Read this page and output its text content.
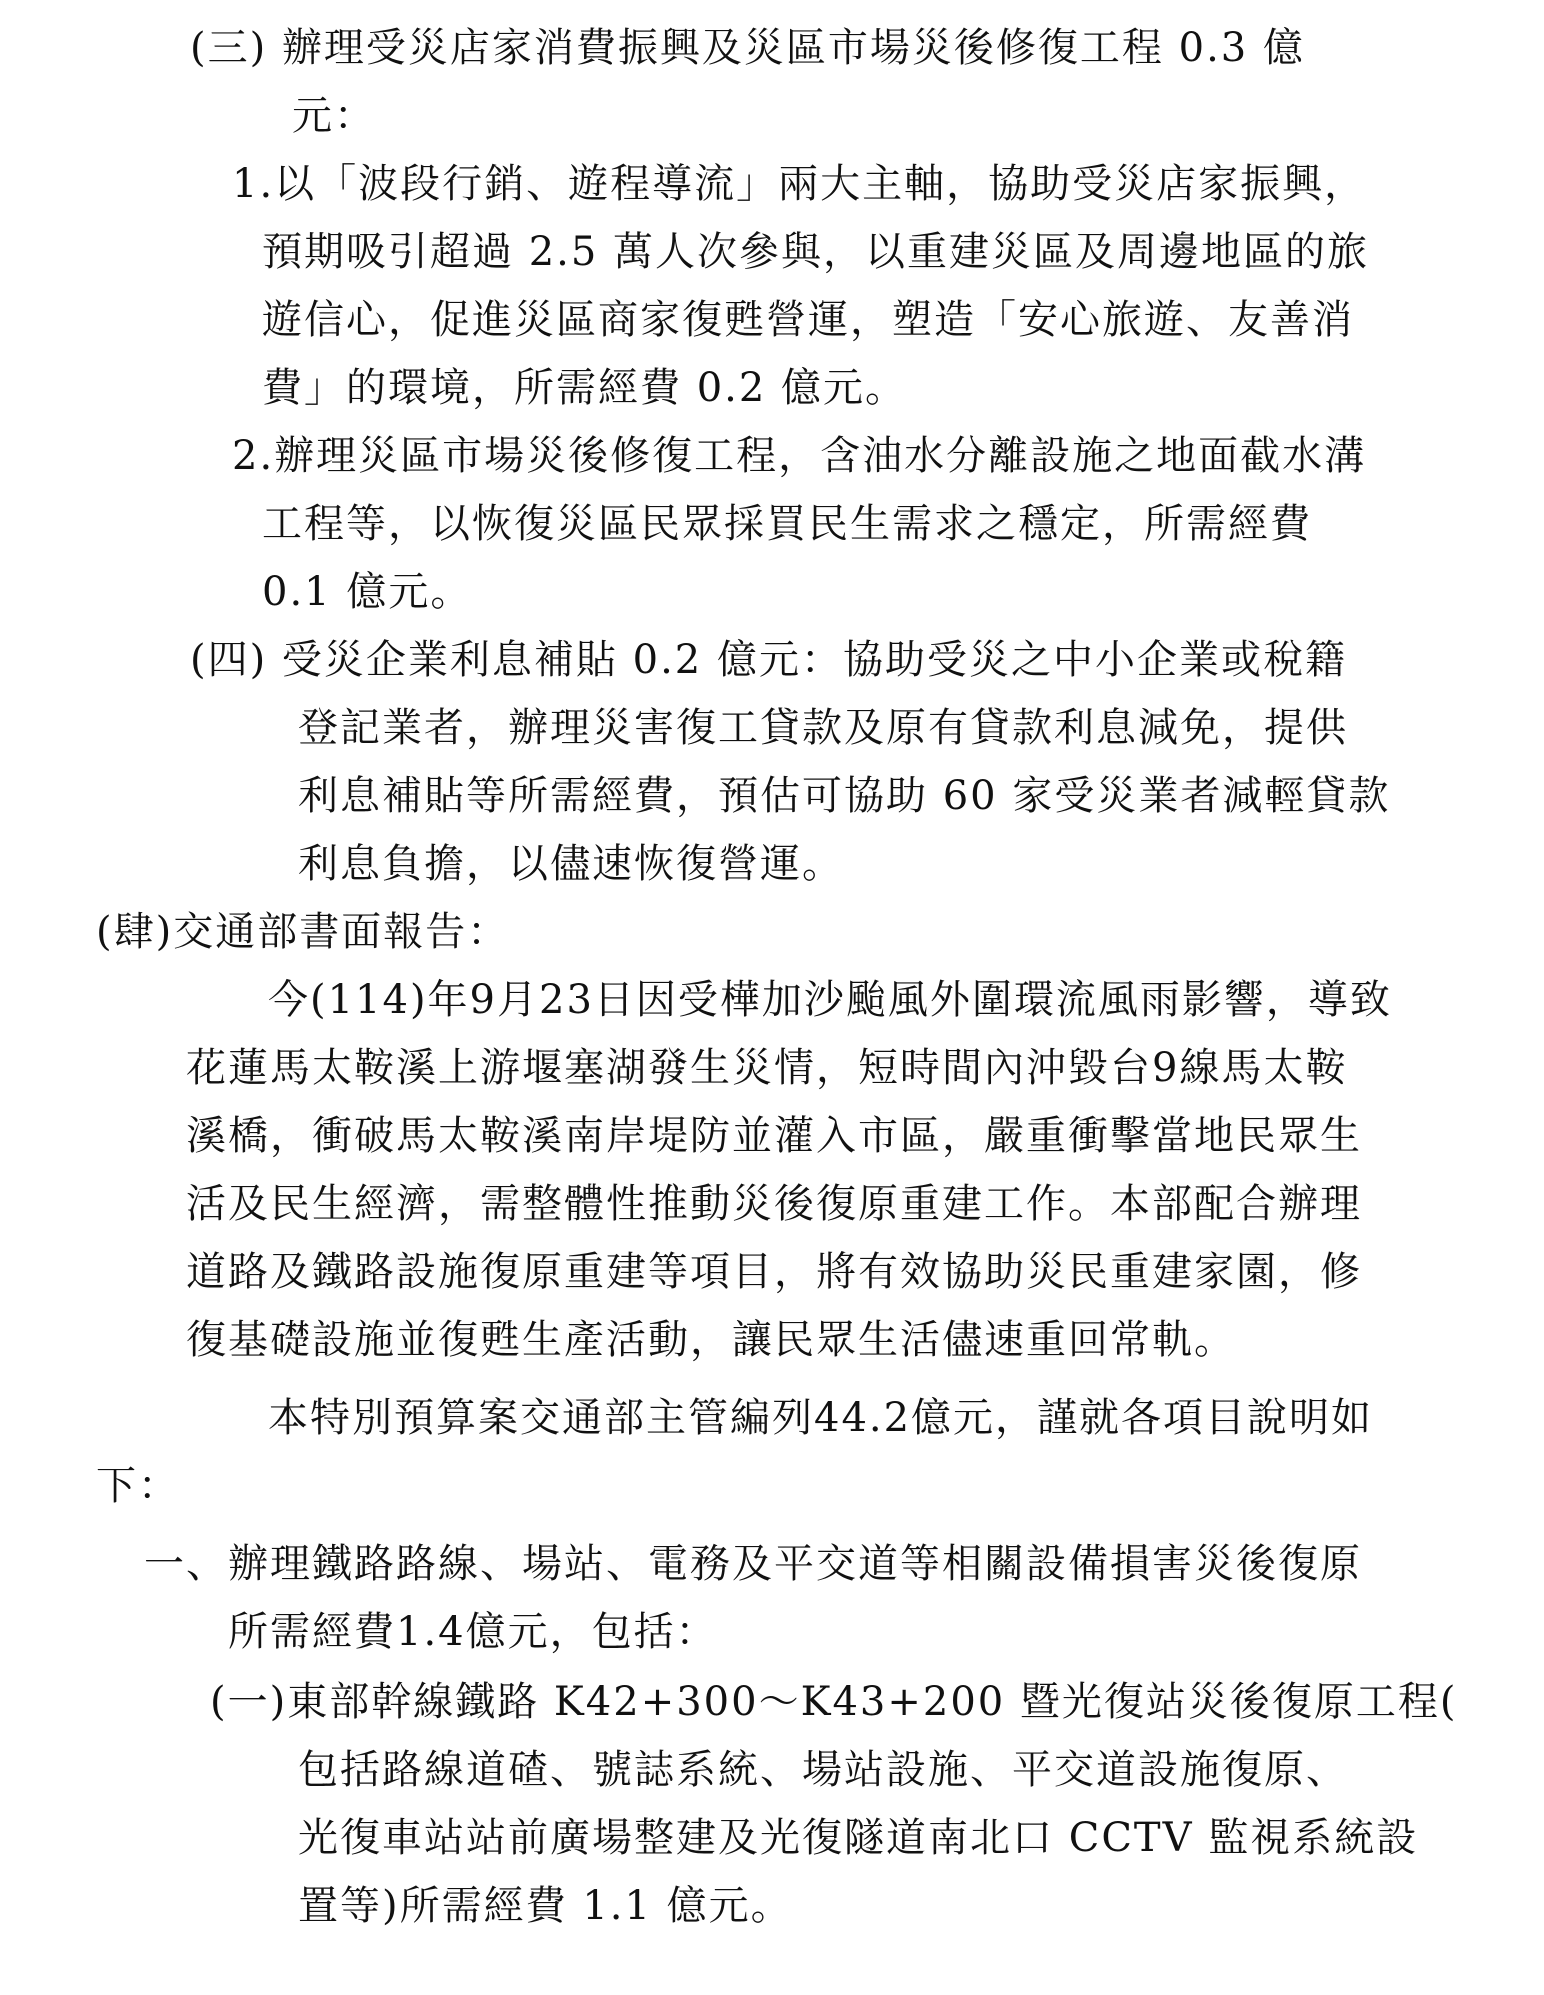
(三) 辦理受災店家消費振興及災區市場災後修復工程 0.3 億
元：
1.以「波段行銷、遊程導流」兩大主軸，協助受災店家振興，
預期吸引超過 2.5 萬人次參與，以重建災區及周邊地區的旅
遊信心，促進災區商家復甦營運，塑造「安心旅遊、友善消
費」的環境，所需經費 0.2 億元。
2.辦理災區市場災後修復工程，含油水分離設施之地面截水溝
工程等，以恢復災區民眾採買民生需求之穩定，所需經費
0.1 億元。
(四) 受災企業利息補貼 0.2 億元：協助受災之中小企業或稅籍
登記業者，辦理災害復工貸款及原有貸款利息減免，提供
利息補貼等所需經費，預估可協助 60 家受災業者減輕貸款
利息負擔，以儘速恢復營運。
(肆)交通部書面報告：
今(114)年9月23日因受樺加沙颱風外圍環流風雨影響，導致
花蓮馬太鞍溪上游堰塞湖發生災情，短時間內沖毀台9線馬太鞍
溪橋，衝破馬太鞍溪南岸堤防並灌入市區，嚴重衝擊當地民眾生
活及民生經濟，需整體性推動災後復原重建工作。本部配合辦理
道路及鐵路設施復原重建等項目，將有效協助災民重建家園，修
復基礎設施並復甦生產活動，讓民眾生活儘速重回常軌。
本特別預算案交通部主管編列44.2億元，謹就各項目說明如
下：
一、辦理鐵路路線、場站、電務及平交道等相關設備損害災後復原
所需經費1.4億元，包括：
(一)東部幹線鐵路 K42+300～K43+200 暨光復站災後復原工程(
包括路線道碴、號誌系統、場站設施、平交道設施復原、
光復車站站前廣場整建及光復隧道南北口 CCTV 監視系統設
置等)所需經費 1.1 億元。
